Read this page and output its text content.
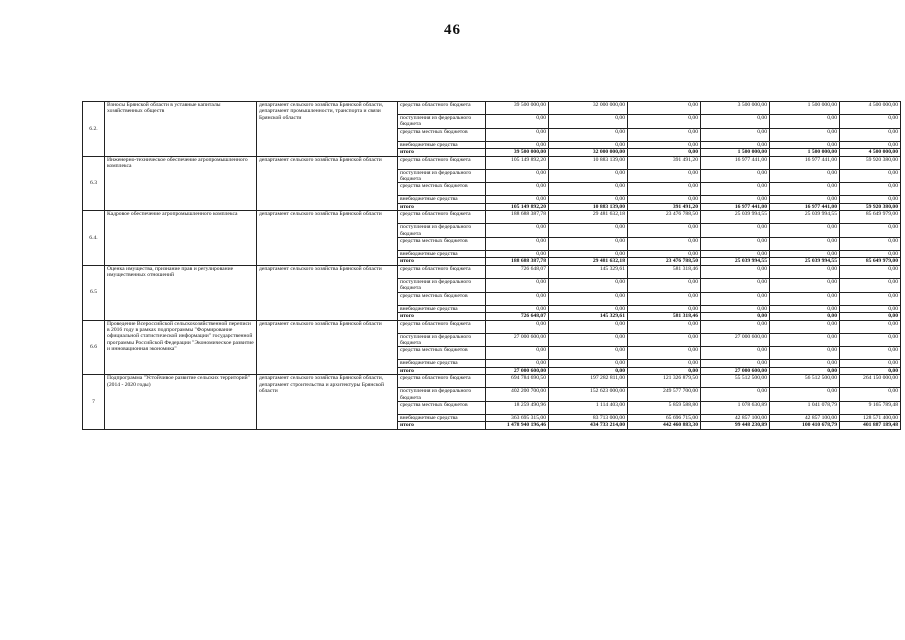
46
6.2.	Взносы Брянской области в уставные капиталы хозяйственных обществ	департамент сельского хозяйства Брянской области, департамент промышленности, транспорта и связи Брянской области	средства областного бюджета	39 500 000,00	32 000 000,00	0,00	3 500 000,00	1 500 000,00	4 500 000,00
			поступления из федерального бюджета	0,00	0,00	0,00	0,00	0,00	0,00
			средства местных бюджетов	0,00	0,00	0,00	0,00	0,00	0,00
			внебюджетные средства	0,00	0,00	0,00	0,00	0,00	0,00
			итого	39 500 000,00	32 000 000,00	0,00	1 500 000,00	1 500 000,00	4 500 000,00
6.3	Инженерно-техническое обеспечение агропромышленного комплекса	департамент сельского хозяйства Брянской области	средства областного бюджета	105 149 892,20	10 883 139,00	391 491,20	16 977 441,00	16 977 441,00	59 920 380,00
			поступления из федерального бюджета	0,00	0,00	0,00	0,00	0,00	0,00
			средства местных бюджетов	0,00	0,00	0,00	0,00	0,00	0,00
			внебюджетные средства	0,00	0,00	0,00	0,00	0,00	0,00
			итого	105 149 892,20	10 883 139,00	391 491,20	16 977 441,00	16 977 441,00	59 920 380,00
6.4.	Кадровое обеспечение агропромышленного комплекса	департамент сельского хозяйства Брянской области	средства областного бюджета	188 688 387,78	29 481 632,18	23 476 788,50	25 039 994,55	25 039 994,55	85 649 979,00
			поступления из федерального бюджета	0,00	0,00	0,00	0,00	0,00	0,00
			средства местных бюджетов	0,00	0,00	0,00	0,00	0,00	0,00
			внебюджетные средства	0,00	0,00	0,00	0,00	0,00	0,00
			итого	188 688 387,78	29 481 632,18	23 476 788,50	25 039 994,55	25 039 994,55	85 649 979,00
6.5	Оценка имущества, признание прав и регулирование имущественных отношений	департамент сельского хозяйства Брянской области	средства областного бюджета	726 648,07	145 329,61	581 318,46	0,00	0,00	0,00
			поступления из федерального бюджета	0,00	0,00	0,00	0,00	0,00	0,00
			средства местных бюджетов	0,00	0,00	0,00	0,00	0,00	0,00
			внебюджетные средства	0,00	0,00	0,00	0,00	0,00	0,00
			итого	726 648,07	145 329,61	581 318,46	0,00	0,00	0,00
6.6	Проведение Всероссийской сельскохозяйственной переписи в 2016 году в рамках подпрограммы "Формирование официальной статистической информации" государственной программы Российской Федерации "Экономическое развитие и инновационная экономика"	департамент сельского хозяйства Брянской области	средства областного бюджета	0,00	0,00	0,00	0,00	0,00	0,00
			поступления из федерального бюджета	27 000 600,00	0,00	0,00	27 000 600,00	0,00	0,00
			средства местных бюджетов	0,00	0,00	0,00	0,00	0,00	0,00
			внебюджетные средства	0,00	0,00	0,00	0,00	0,00	0,00
			итого	27 000 600,00	0,00	0,00	27 000 600,00	0,00	0,00
7	Подпрограмма "Устойчивое развитие сельских территорий" (2014 - 2020 годы)	департамент сельского хозяйства Брянской области, департамент строительства и архитектуры Брянской области	средства областного бюджета	694 784 690,50	197 282 811,00	121 326 879,50	55 512 500,00	56 512 500,00	264 150 000,00
			поступления из федерального бюджета	402 200 700,00	152 623 000,00	249 577 700,00	0,00	0,00	0,00
			средства местных бюджетов	18 259 490,96	1 114 403,00	5 859 588,80	1 078 630,89	1 041 078,79	9 165 789,48
			внебюджетные средства	363 695 315,00	83 713 000,00	65 696 715,00	42 857 100,00	42 857 100,00	128 571 400,00
			итого	1 478 940 196,46	434 733 214,00	442 460 883,30	99 448 230,89	100 410 678,79	401 887 189,48
